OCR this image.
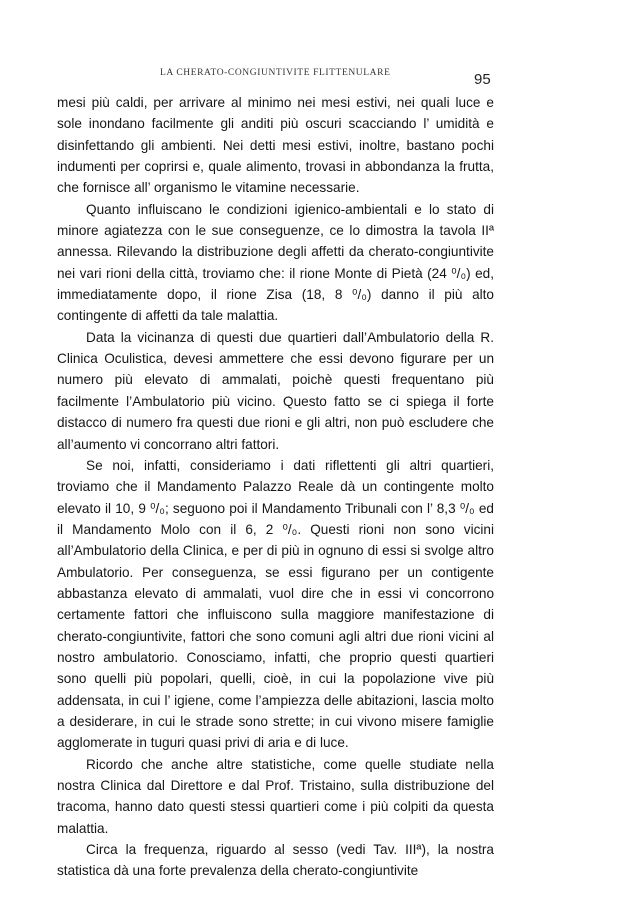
LA CHERATO-CONGIUNTIVITE FLITTENULARE	95

mesi più caldi, per arrivare al minimo nei mesi estivi, nei quali luce e sole inondano facilmente gli anditi più oscuri scacciando l’ umidità e disinfettando gli ambienti. Nei detti mesi estivi, inoltre, bastano pochi indumenti per coprirsi e, quale alimento, trovasi in abbondanza la frutta, che fornisce all’ organismo le vitamine necessarie.

Quanto influiscano le condizioni igienico-ambientali e lo stato di minore agiatezza con le sue conseguenze, ce lo dimostra la tavola IIª annessa. Rilevando la distribuzione degli affetti da cherato-congiuntivite nei vari rioni della città, troviamo che: il rione Monte di Pietà (24 ⁰/₀) ed, immediatamente dopo, il rione Zisa (18, 8 ⁰/₀) danno il più alto contingente di affetti da tale malattia.

Data la vicinanza di questi due quartieri dall’Ambulatorio della R. Clinica Oculistica, devesi ammettere che essi devono figurare per un numero più elevato di ammalati, poichè questi frequentano più facilmente l’Ambulatorio più vicino. Questo fatto se ci spiega il forte distacco di numero fra questi due rioni e gli altri, non può escludere che all’aumento vi concorrano altri fattori.

Se noi, infatti, consideriamo i dati riflettenti gli altri quartieri, troviamo che il Mandamento Palazzo Reale dà un contingente molto elevato il 10, 9 ⁰/₀; seguono poi il Mandamento Tribunali con l’ 8,3 ⁰/₀ ed il Mandamento Molo con il 6, 2 ⁰/₀. Questi rioni non sono vicini all’Ambulatorio della Clinica, e per di più in ognuno di essi si svolge altro Ambulatorio. Per conseguenza, se essi figurano per un contigente abbastanza elevato di ammalati, vuol dire che in essi vi concorrono certamente fattori che influiscono sulla maggiore manifestazione di cherato-congiuntivite, fattori che sono comuni agli altri due rioni vicini al nostro ambulatorio. Conosciamo, infatti, che proprio questi quartieri sono quelli più popolari, quelli, cioè, in cui la popolazione vive più addensata, in cui l’ igiene, come l’ampiezza delle abitazioni, lascia molto a desiderare, in cui le strade sono strette; in cui vivono misere famiglie agglomerate in tuguri quasi privi di aria e di luce.

Ricordo che anche altre statistiche, come quelle studiate nella nostra Clinica dal Direttore e dal Prof. Tristaino, sulla distribuzione del tracoma, hanno dato questi stessi quartieri come i più colpiti da questa malattia.

Circa la frequenza, riguardo al sesso (vedi Tav. IIIª), la nostra statistica dà una forte prevalenza della cherato-congiuntivite
